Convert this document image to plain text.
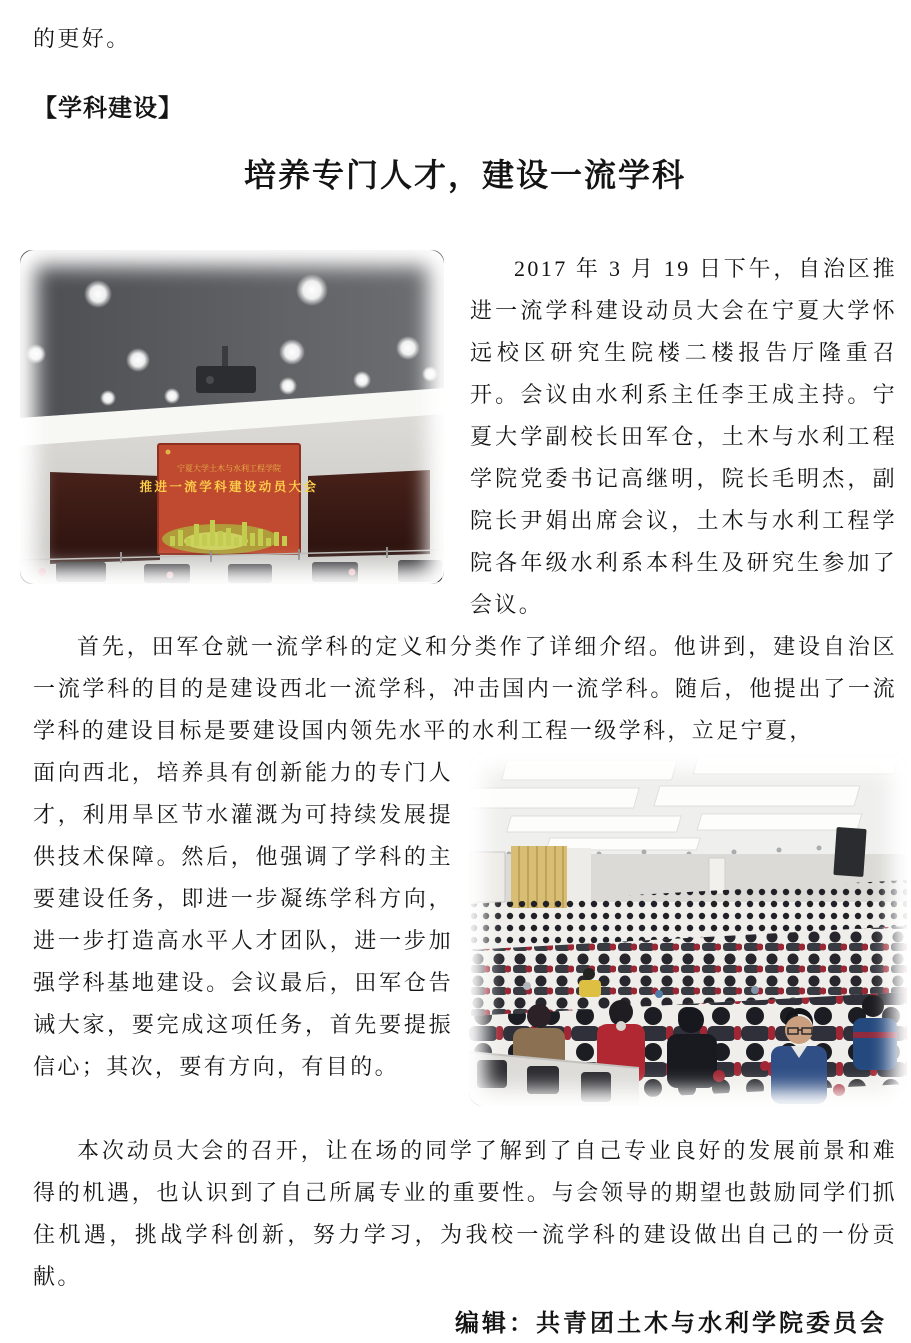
的更好。

【学科建设】

培养专门人才，建设一流学科

宁夏大学土木与水利工程学院
推进一流学科建设动员大会
2017 年 3 月 19 日下午，自治区推进一流学科建设动员大会在宁夏大学怀远校区研究生院楼二楼报告厅隆重召开。会议由水利系主任李王成主持。宁夏大学副校长田军仓，土木与水利工程学院党委书记高继明，院长毛明杰，副院长尹娟出席会议，土木与水利工程学院各年级水利系本科生及研究生参加了会议。

首先，田军仓就一流学科的定义和分类作了详细介绍。他讲到，建设自治区一流学科的目的是建设西北一流学科，冲击国内一流学科。随后，他提出了一流学科的建设目标是要建设国内领先水平的水利工程一级学科，立足宁夏，

面向西北，培养具有创新能力的专门人才，利用旱区节水灌溉为可持续发展提供技术保障。然后，他强调了学科的主要建设任务，即进一步凝练学科方向，进一步打造高水平人才团队，进一步加强学科基地建设。会议最后，田军仓告诫大家，要完成这项任务，首先要提振信心；其次，要有方向，有目的。

本次动员大会的召开，让在场的同学了解到了自己专业良好的发展前景和难得的机遇，也认识到了自己所属专业的重要性。与会领导的期望也鼓励同学们抓住机遇，挑战学科创新，努力学习，为我校一流学科的建设做出自己的一份贡献。

编辑：共青团土木与水利学院委员会
